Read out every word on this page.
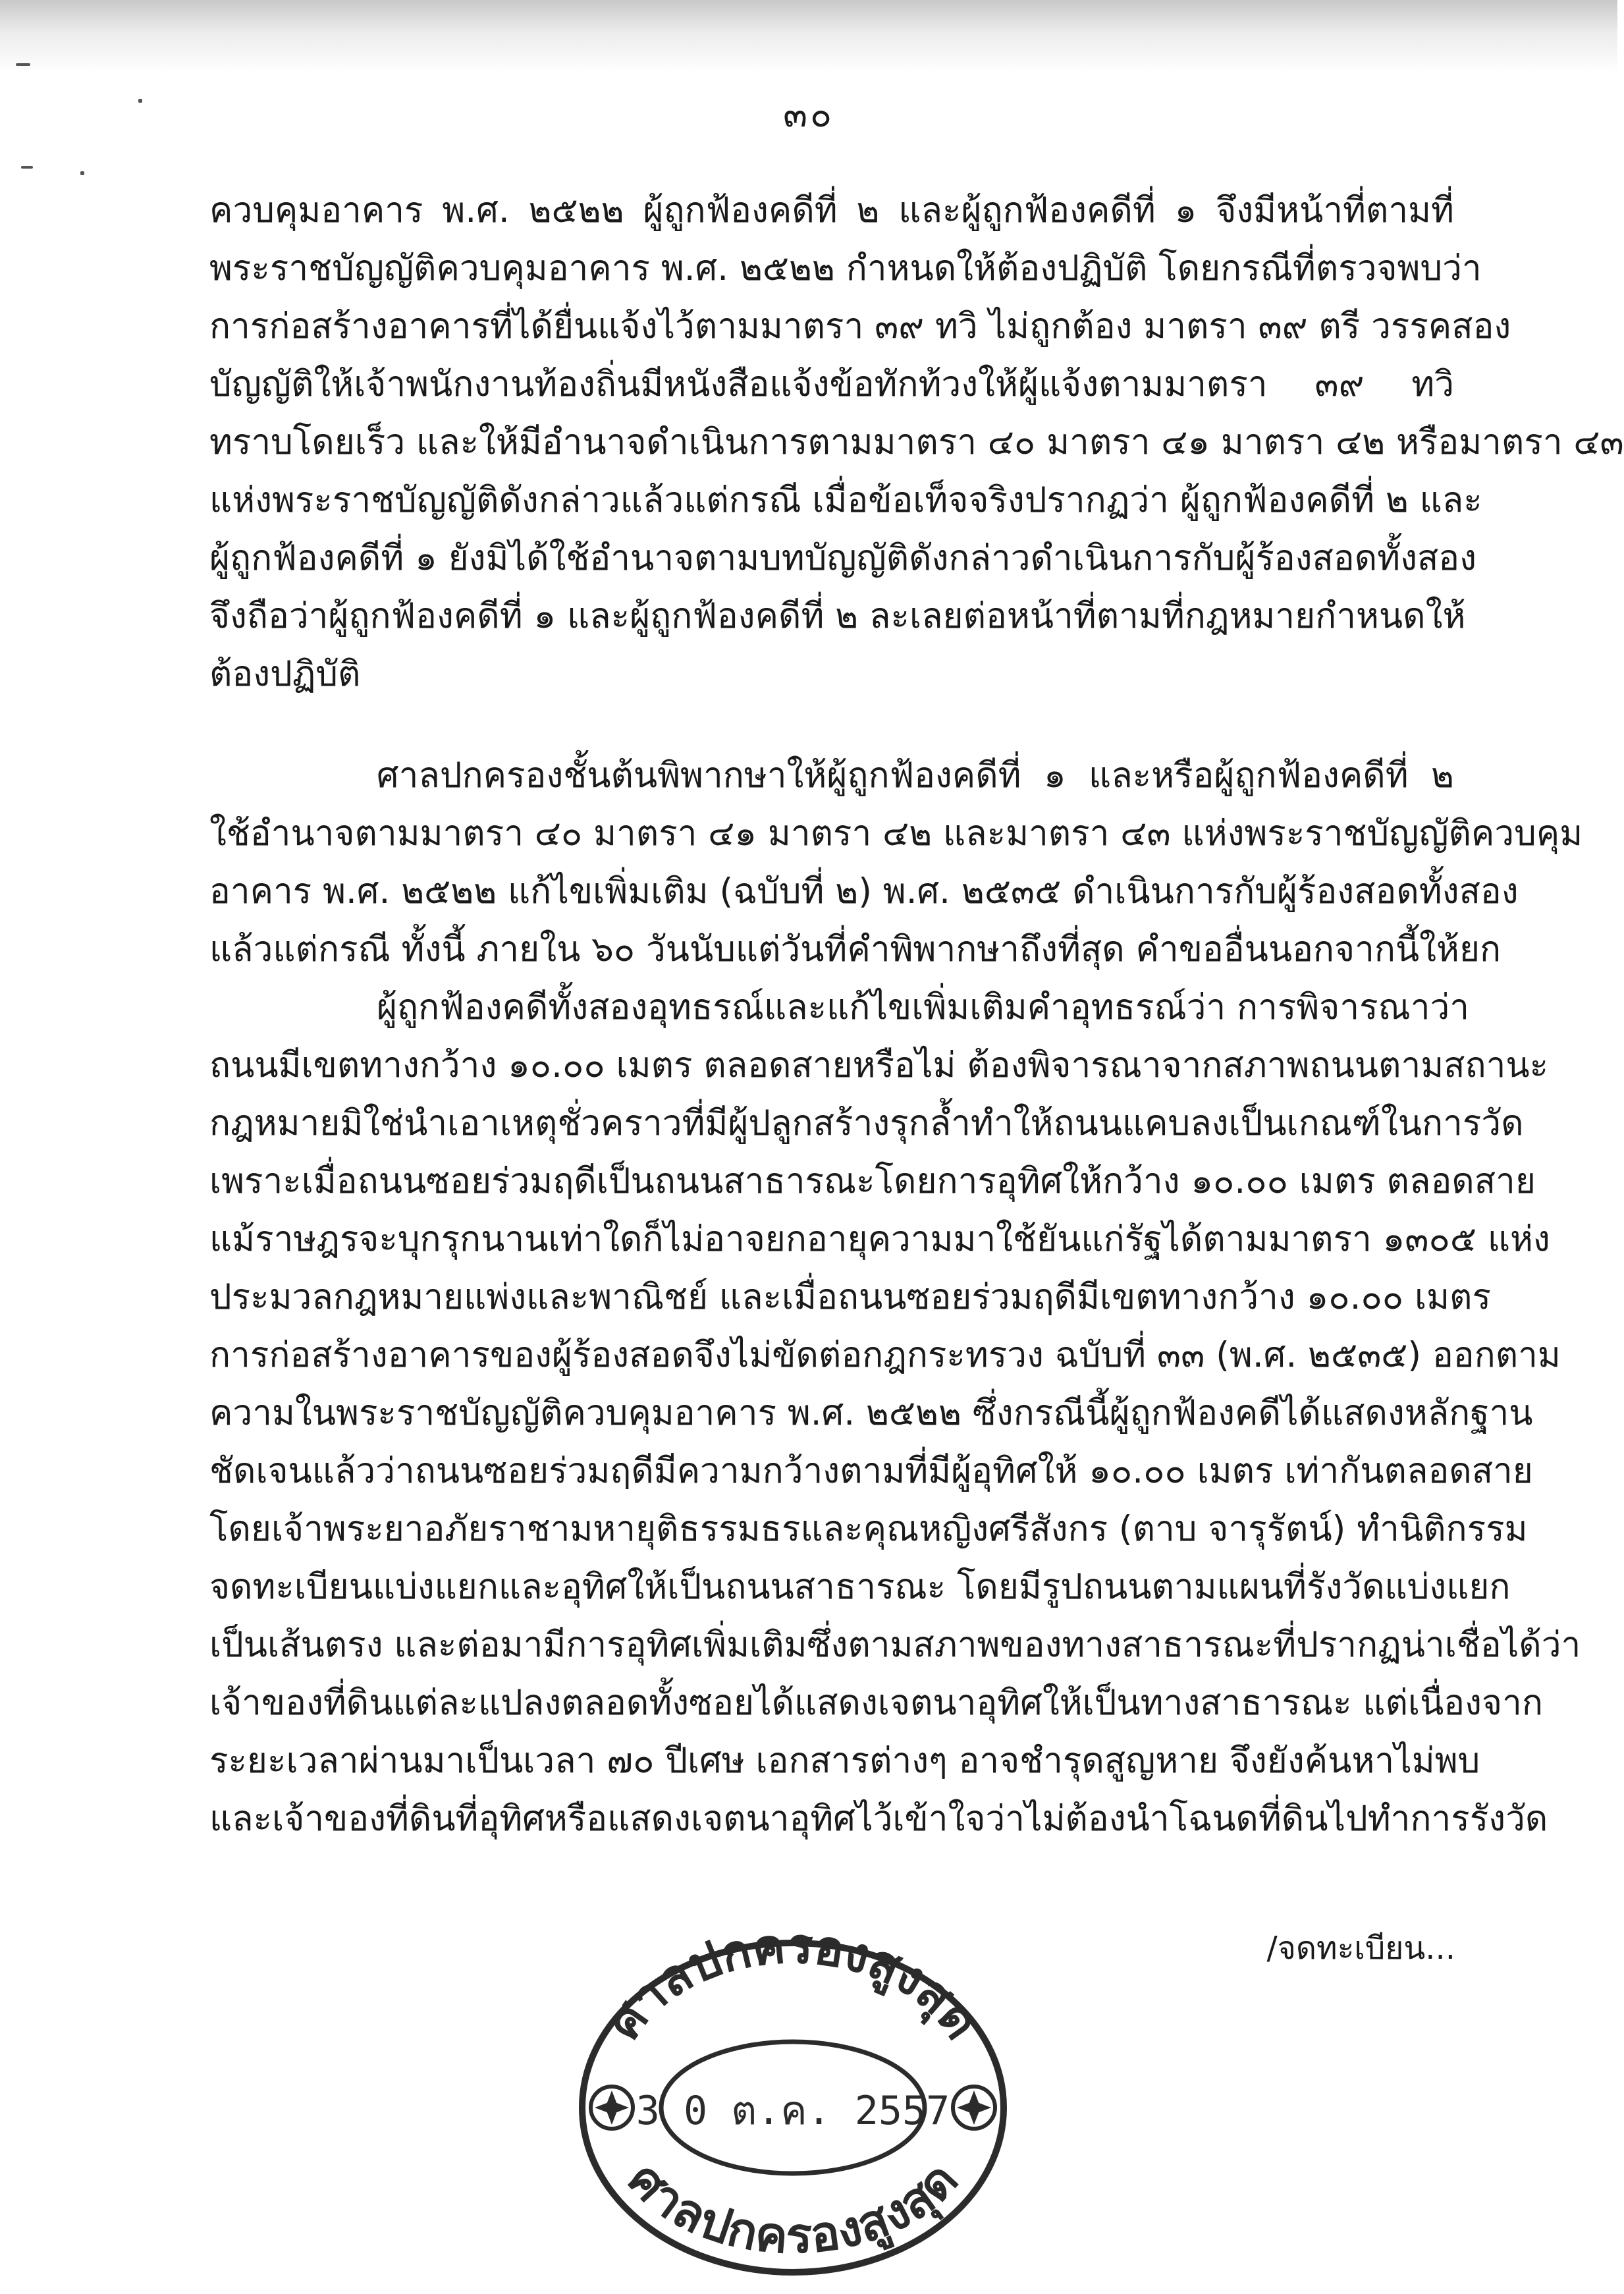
๓๐
ควบคุมอาคาร พ.ศ. ๒๕๒๒ ผู้ถูกฟ้องคดีที่ ๒ และผู้ถูกฟ้องคดีที่ ๑ จึงมีหน้าที่ตามที่
พระราชบัญญัติควบคุมอาคาร พ.ศ. ๒๕๒๒ กำหนดให้ต้องปฏิบัติ โดยกรณีที่ตรวจพบว่า
การก่อสร้างอาคารที่ได้ยื่นแจ้งไว้ตามมาตรา ๓๙ ทวิ ไม่ถูกต้อง มาตรา ๓๙ ตรี วรรคสอง
บัญญัติให้เจ้าพนักงานท้องถิ่นมีหนังสือแจ้งข้อทักท้วงให้ผู้แจ้งตามมาตรา ๓๙ ทวิ
ทราบโดยเร็ว และให้มีอำนาจดำเนินการตามมาตรา ๔๐ มาตรา ๔๑ มาตรา ๔๒ หรือมาตรา ๔๓
แห่งพระราชบัญญัติดังกล่าวแล้วแต่กรณี เมื่อข้อเท็จจริงปรากฏว่า ผู้ถูกฟ้องคดีที่ ๒ และ
ผู้ถูกฟ้องคดีที่ ๑ ยังมิได้ใช้อำนาจตามบทบัญญัติดังกล่าวดำเนินการกับผู้ร้องสอดทั้งสอง
จึงถือว่าผู้ถูกฟ้องคดีที่ ๑ และผู้ถูกฟ้องคดีที่ ๒ ละเลยต่อหน้าที่ตามที่กฎหมายกำหนดให้
ต้องปฏิบัติ
ศาลปกครองชั้นต้นพิพากษาให้ผู้ถูกฟ้องคดีที่ ๑ และหรือผู้ถูกฟ้องคดีที่ ๒
ใช้อำนาจตามมาตรา ๔๐ มาตรา ๔๑ มาตรา ๔๒ และมาตรา ๔๓ แห่งพระราชบัญญัติควบคุม
อาคาร พ.ศ. ๒๕๒๒ แก้ไขเพิ่มเติม (ฉบับที่ ๒) พ.ศ. ๒๕๓๕ ดำเนินการกับผู้ร้องสอดทั้งสอง
แล้วแต่กรณี ทั้งนี้ ภายใน ๖๐ วันนับแต่วันที่คำพิพากษาถึงที่สุด คำขออื่นนอกจากนี้ให้ยก
ผู้ถูกฟ้องคดีทั้งสองอุทธรณ์และแก้ไขเพิ่มเติมคำอุทธรณ์ว่า การพิจารณาว่า
ถนนมีเขตทางกว้าง ๑๐.๐๐ เมตร ตลอดสายหรือไม่ ต้องพิจารณาจากสภาพถนนตามสถานะ
กฎหมายมิใช่นำเอาเหตุชั่วคราวที่มีผู้ปลูกสร้างรุกล้ำทำให้ถนนแคบลงเป็นเกณฑ์ในการวัด
เพราะเมื่อถนนซอยร่วมฤดีเป็นถนนสาธารณะโดยการอุทิศให้กว้าง ๑๐.๐๐ เมตร ตลอดสาย
แม้ราษฎรจะบุกรุกนานเท่าใดก็ไม่อาจยกอายุความมาใช้ยันแก่รัฐได้ตามมาตรา ๑๓๐๕ แห่ง
ประมวลกฎหมายแพ่งและพาณิชย์ และเมื่อถนนซอยร่วมฤดีมีเขตทางกว้าง ๑๐.๐๐ เมตร
การก่อสร้างอาคารของผู้ร้องสอดจึงไม่ขัดต่อกฎกระทรวง ฉบับที่ ๓๓ (พ.ศ. ๒๕๓๕) ออกตาม
ความในพระราชบัญญัติควบคุมอาคาร พ.ศ. ๒๕๒๒ ซึ่งกรณีนี้ผู้ถูกฟ้องคดีได้แสดงหลักฐาน
ชัดเจนแล้วว่าถนนซอยร่วมฤดีมีความกว้างตามที่มีผู้อุทิศให้ ๑๐.๐๐ เมตร เท่ากันตลอดสาย
โดยเจ้าพระยาอภัยราชามหายุติธรรมธรและคุณหญิงศรีสังกร (ตาบ จารุรัตน์) ทำนิติกรรม
จดทะเบียนแบ่งแยกและอุทิศให้เป็นถนนสาธารณะ โดยมีรูปถนนตามแผนที่รังวัดแบ่งแยก
เป็นเส้นตรง และต่อมามีการอุทิศเพิ่มเติมซึ่งตามสภาพของทางสาธารณะที่ปรากฏน่าเชื่อได้ว่า
เจ้าของที่ดินแต่ละแปลงตลอดทั้งซอยได้แสดงเจตนาอุทิศให้เป็นทางสาธารณะ แต่เนื่องจาก
ระยะเวลาผ่านมาเป็นเวลา ๗๐ ปีเศษ เอกสารต่างๆ อาจชำรุดสูญหาย จึงยังค้นหาไม่พบ
และเจ้าของที่ดินที่อุทิศหรือแสดงเจตนาอุทิศไว้เข้าใจว่าไม่ต้องนำโฉนดที่ดินไปทำการรังวัด
/จดทะเบียน...
ศาลปกครองสูงสุด
3 0 ต.ค. 2557
ศาลปกครองสูงสุด
